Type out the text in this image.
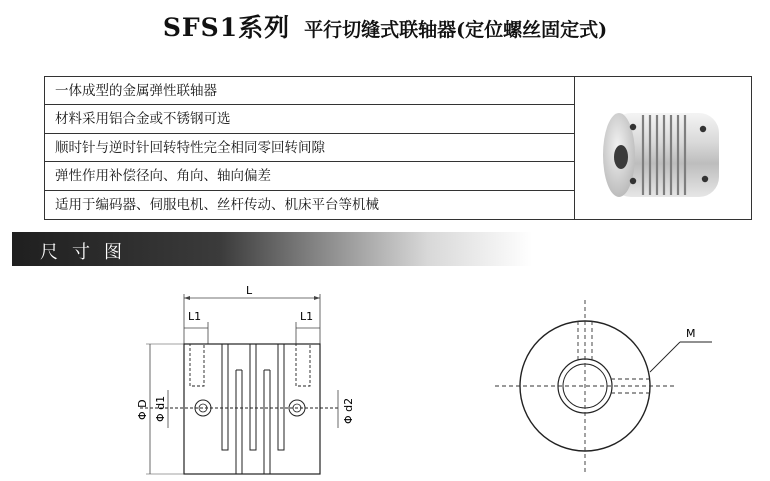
SFS1系列 平行切缝式联轴器(定位螺丝固定式)
一体成型的金属弹性联轴器
材料采用铝合金或不锈钢可选
顺时针与逆时针回转特性完全相同零回转间隙
弹性作用补偿径向、角向、轴向偏差
适用于编码器、伺服电机、丝杆传动、机床平台等机械
尺寸图
L
L1	L1
Φ D Φ d1	Φ d2
M
